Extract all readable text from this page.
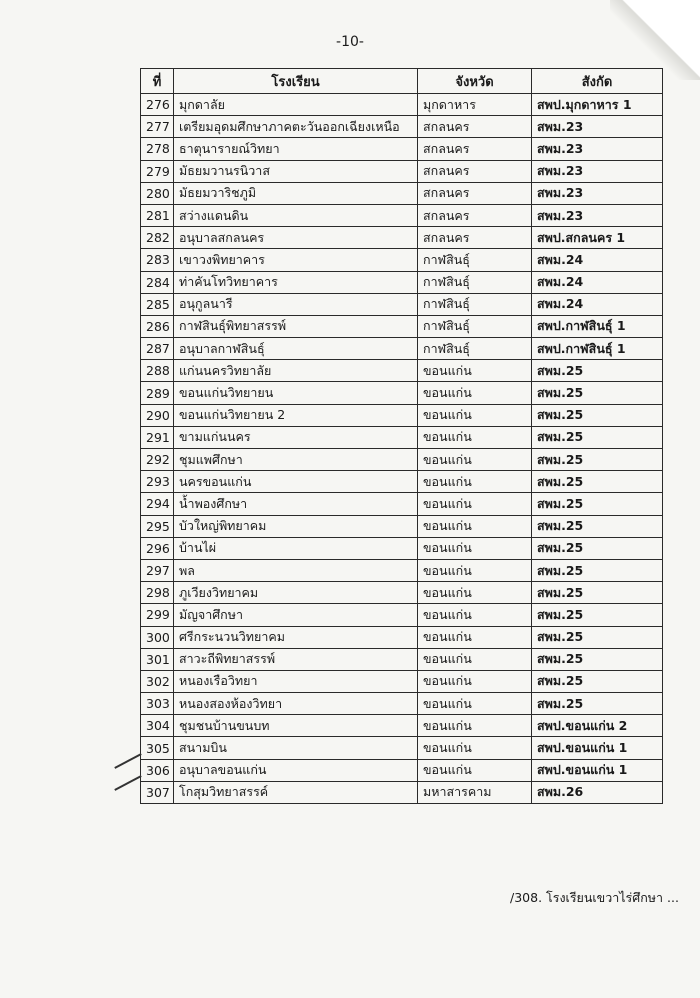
-10-
ที่	โรงเรียน	จังหวัด	สังกัด
276	มุกดาลัย	มุกดาหาร	สพป.มุกดาหาร 1
277	เตรียมอุดมศึกษาภาคตะวันออกเฉียงเหนือ	สกลนคร	สพม.23
278	ธาตุนารายณ์วิทยา	สกลนคร	สพม.23
279	มัธยมวานรนิวาส	สกลนคร	สพม.23
280	มัธยมวาริชภูมิ	สกลนคร	สพม.23
281	สว่างแดนดิน	สกลนคร	สพม.23
282	อนุบาลสกลนคร	สกลนคร	สพป.สกลนคร 1
283	เขาวงพิทยาคาร	กาฬสินธุ์	สพม.24
284	ท่าคันโทวิทยาคาร	กาฬสินธุ์	สพม.24
285	อนุกูลนารี	กาฬสินธุ์	สพม.24
286	กาฬสินธุ์พิทยาสรรพ์	กาฬสินธุ์	สพป.กาฬสินธุ์ 1
287	อนุบาลกาฬสินธุ์	กาฬสินธุ์	สพป.กาฬสินธุ์ 1
288	แก่นนครวิทยาลัย	ขอนแก่น	สพม.25
289	ขอนแก่นวิทยายน	ขอนแก่น	สพม.25
290	ขอนแก่นวิทยายน 2	ขอนแก่น	สพม.25
291	ขามแก่นนคร	ขอนแก่น	สพม.25
292	ชุมแพศึกษา	ขอนแก่น	สพม.25
293	นครขอนแก่น	ขอนแก่น	สพม.25
294	น้ำพองศึกษา	ขอนแก่น	สพม.25
295	บัวใหญ่พิทยาคม	ขอนแก่น	สพม.25
296	บ้านไผ่	ขอนแก่น	สพม.25
297	พล	ขอนแก่น	สพม.25
298	ภูเวียงวิทยาคม	ขอนแก่น	สพม.25
299	มัญจาศึกษา	ขอนแก่น	สพม.25
300	ศรีกระนวนวิทยาคม	ขอนแก่น	สพม.25
301	สาวะถีพิทยาสรรพ์	ขอนแก่น	สพม.25
302	หนองเรือวิทยา	ขอนแก่น	สพม.25
303	หนองสองห้องวิทยา	ขอนแก่น	สพม.25
304	ชุมชนบ้านขนบท	ขอนแก่น	สพป.ขอนแก่น 2
305	สนามบิน	ขอนแก่น	สพป.ขอนแก่น 1
306	อนุบาลขอนแก่น	ขอนแก่น	สพป.ขอนแก่น 1
307	โกสุมวิทยาสรรค์	มหาสารคาม	สพม.26
/308. โรงเรียนเขวาไร่ศึกษา ...
